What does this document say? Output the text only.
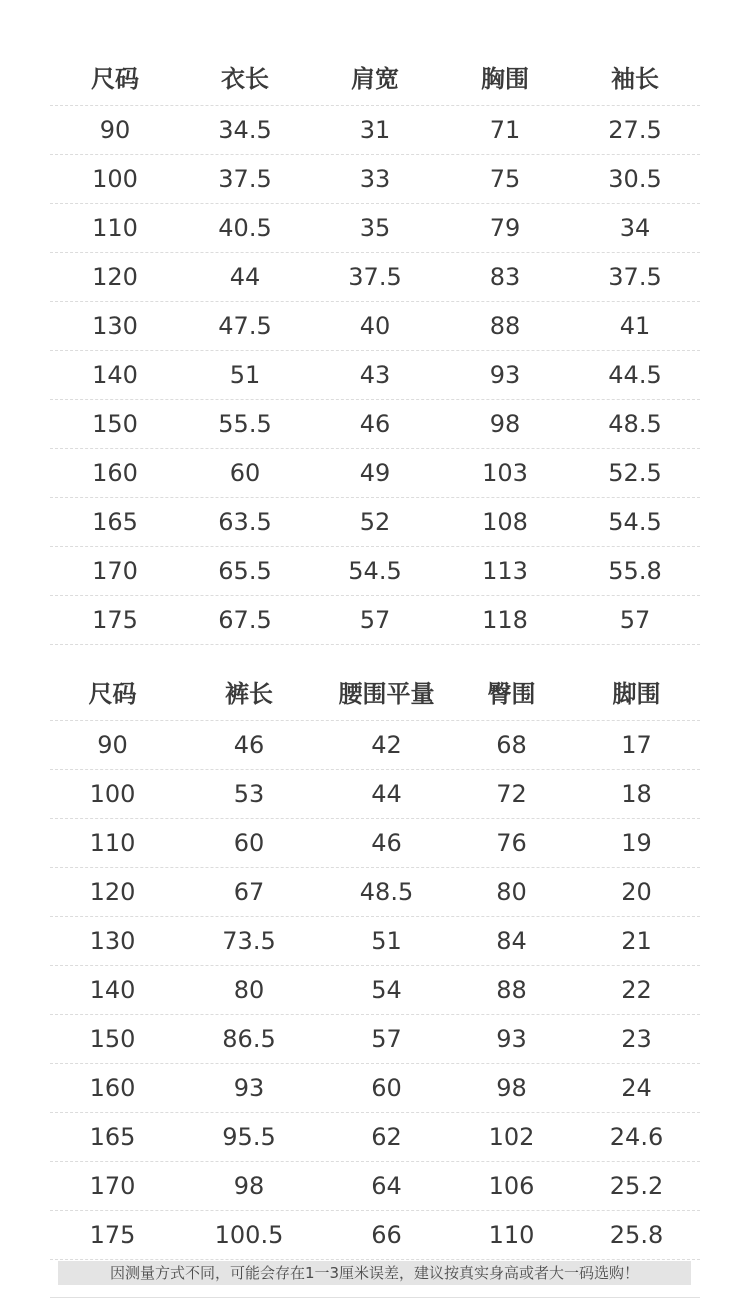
尺码	衣长	肩宽	胸围	袖长
90	34.5	31	71	27.5
100	37.5	33	75	30.5
110	40.5	35	79	34
120	44	37.5	83	37.5
130	47.5	40	88	41
140	51	43	93	44.5
150	55.5	46	98	48.5
160	60	49	103	52.5
165	63.5	52	108	54.5
170	65.5	54.5	113	55.8
175	67.5	57	118	57
尺码	裤长	腰围平量	臀围	脚围
90	46	42	68	17
100	53	44	72	18
110	60	46	76	19
120	67	48.5	80	20
130	73.5	51	84	21
140	80	54	88	22
150	86.5	57	93	23
160	93	60	98	24
165	95.5	62	102	24.6
170	98	64	106	25.2
175	100.5	66	110	25.8
因测量方式不同，可能会存在1一3厘米误差，建议按真实身高或者大一码选购！
